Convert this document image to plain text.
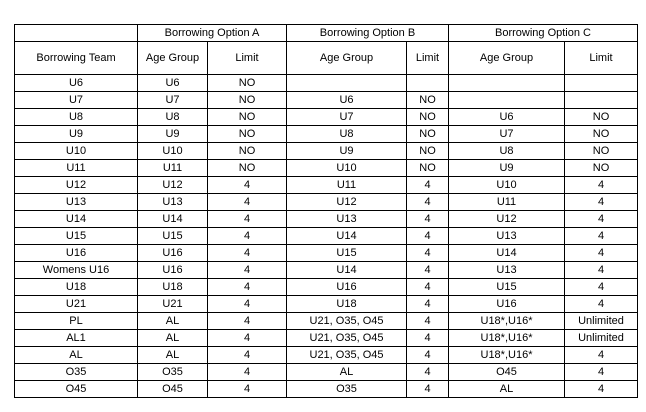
	Borrowing Option A		Borrowing Option B		Borrowing Option C	
Borrowing Team	Age Group	Limit	Age Group	Limit	Age Group	Limit
U6	U6	NO				
U7	U7	NO	U6	NO		
U8	U8	NO	U7	NO	U6	NO
U9	U9	NO	U8	NO	U7	NO
U10	U10	NO	U9	NO	U8	NO
U11	U11	NO	U10	NO	U9	NO
U12	U12	4	U11	4	U10	4
U13	U13	4	U12	4	U11	4
U14	U14	4	U13	4	U12	4
U15	U15	4	U14	4	U13	4
U16	U16	4	U15	4	U14	4
Womens U16	U16	4	U14	4	U13	4
U18	U18	4	U16	4	U15	4
U21	U21	4	U18	4	U16	4
PL	AL	4	U21, O35, O45	4	U18*,U16*	Unlimited
AL1	AL	4	U21, O35, O45	4	U18*,U16*	Unlimited
AL	AL	4	U21, O35, O45	4	U18*,U16*	4
O35	O35	4	AL	4	O45	4
O45	O45	4	O35	4	AL	4
